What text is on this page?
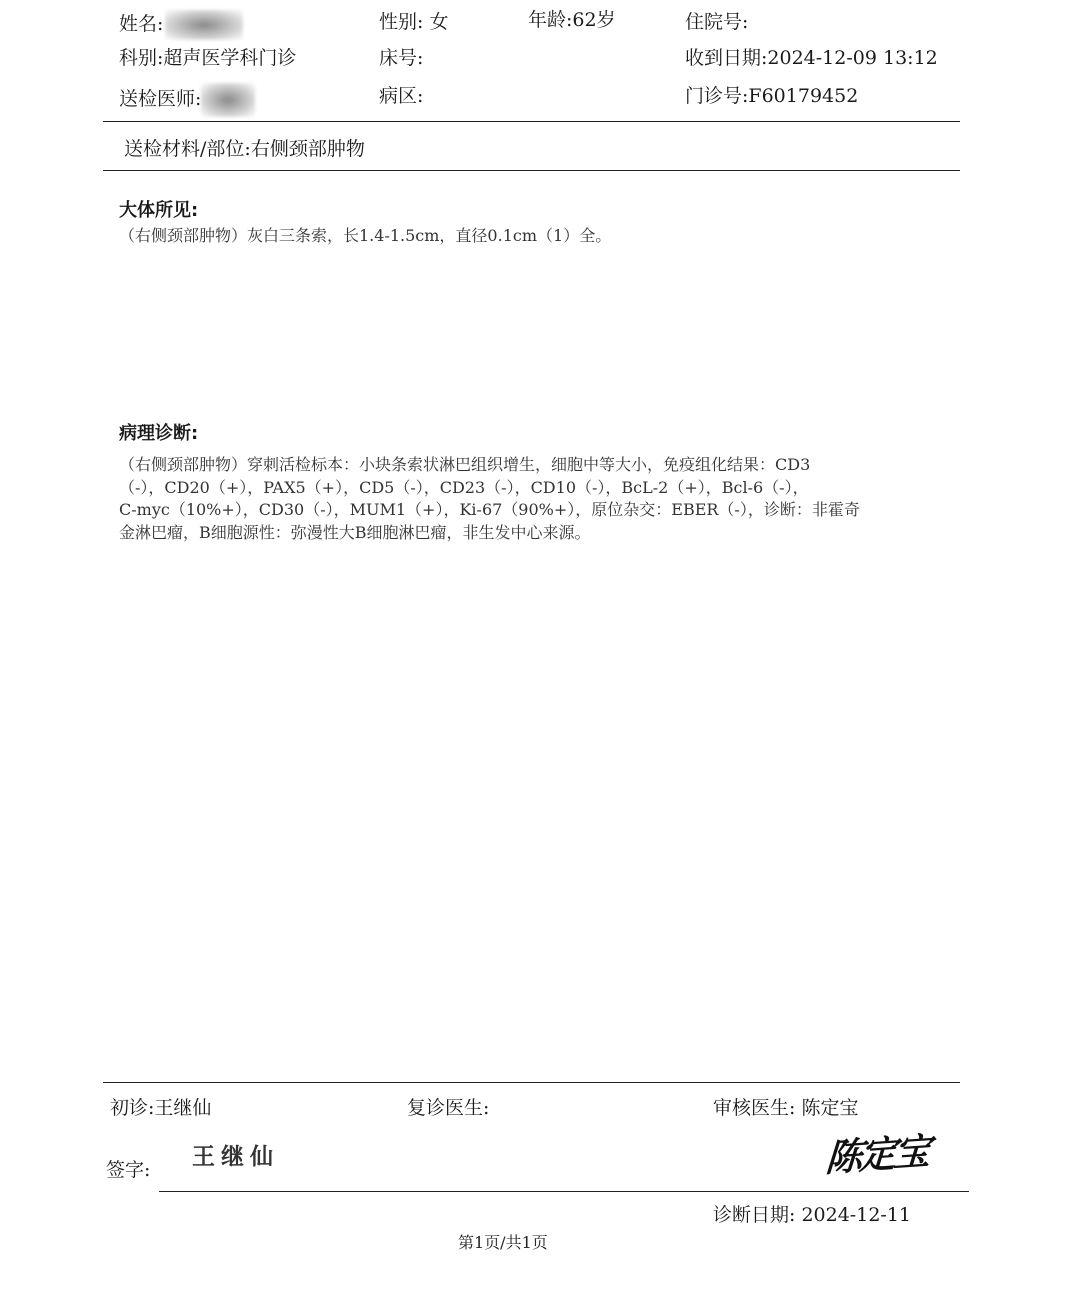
姓名:	性别: 女	年龄:62岁	住院号:
科别:超声医学科门诊	床号:	收到日期:2024-12-09 13:12
送检医师:	病区:	门诊号:F60179452
送检材料/部位:右侧颈部肿物
大体所见:
（右侧颈部肿物）灰白三条索，长1.4-1.5cm，直径0.1cm（1）全。
病理诊断:
（右侧颈部肿物）穿刺活检标本：小块条索状淋巴组织增生，细胞中等大小，免疫组化结果：CD3
（-），CD20（+），PAX5（+），CD5（-），CD23（-），CD10（-），BcL-2（+），Bcl-6（-），
C-myc（10%+），CD30（-），MUM1（+），Ki-67（90%+），原位杂交：EBER（-），诊断：非霍奇
金淋巴瘤，B细胞源性：弥漫性大B细胞淋巴瘤，非生发中心来源。
初诊:王继仙	复诊医生:	审核医生: 陈定宝
签字: 王继仙	陈定宝
诊断日期: 2024-12-11
第1页/共1页
